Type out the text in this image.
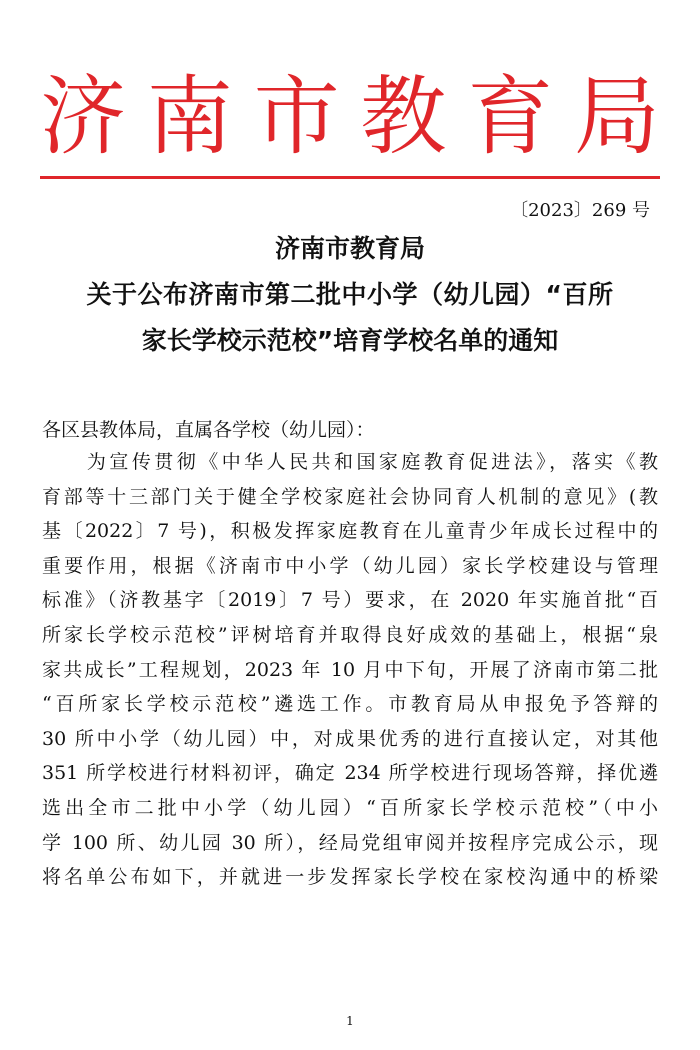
济 南 市 教 育 局
〔2023〕269 号
济南市教育局
关于公布济南市第二批中小学（幼儿园）“百所
家长学校示范校”培育学校名单的通知
各区县教体局，直属各学校（幼儿园）：
　　为宣传贯彻《中华人民共和国家庭教育促进法》，落实《教
育部等十三部门关于健全学校家庭社会协同育人机制的意见》(教
基〔2022〕7 号)，积极发挥家庭教育在儿童青少年成长过程中的
重要作用，根据《济南市中小学（幼儿园）家长学校建设与管理
标准》（济教基字〔2019〕7 号）要求，在 2020 年实施首批“百
所家长学校示范校”评树培育并取得良好成效的基础上，根据“泉
家共成长”工程规划，2023 年 10 月中下旬，开展了济南市第二批
“百所家长学校示范校”遴选工作。市教育局从申报免予答辩的
30 所中小学（幼儿园）中，对成果优秀的进行直接认定，对其他
351 所学校进行材料初评，确定 234 所学校进行现场答辩，择优遴
选出全市二批中小学（幼儿园）“百所家长学校示范校”（中小
学 100 所、幼儿园 30 所），经局党组审阅并按程序完成公示，现
将名单公布如下，并就进一步发挥家长学校在家校沟通中的桥梁
1
